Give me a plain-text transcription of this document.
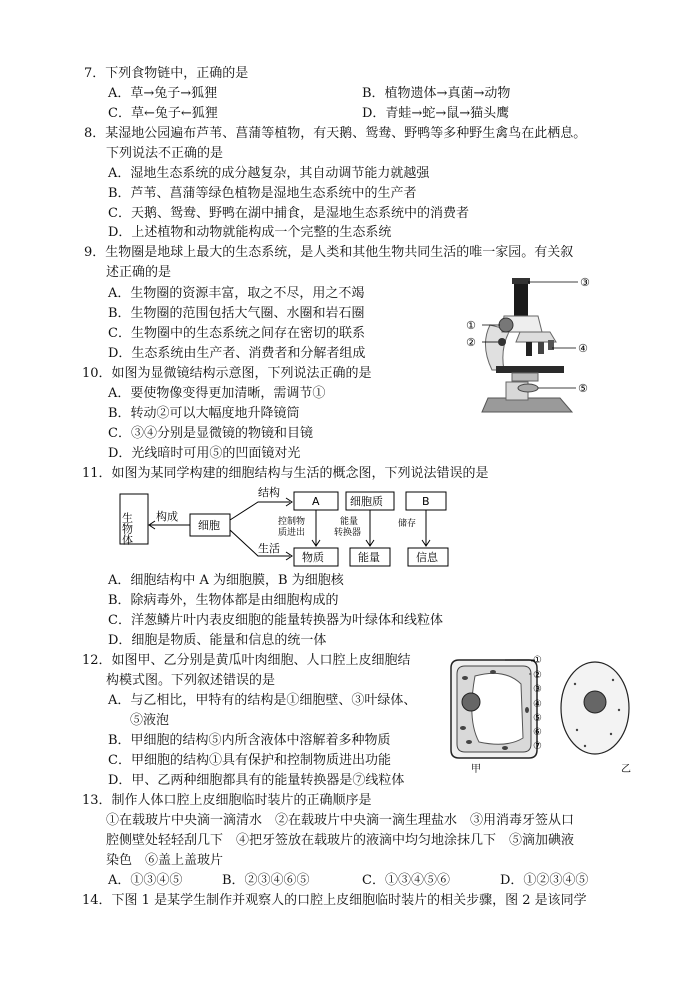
7．下列食物链中，正确的是
A．草→兔子→狐狸	B．植物遗体→真菌→动物
C．草←兔子←狐狸	D．青蛙→蛇→鼠→猫头鹰
8．某湿地公园遍布芦苇、菖蒲等植物，有天鹅、鸳鸯、野鸭等多种野生禽鸟在此栖息。
下列说法不正确的是
A．湿地生态系统的成分越复杂，其自动调节能力就越强
B．芦苇、菖蒲等绿色植物是湿地生态系统中的生产者
C．天鹅、鸳鸯、野鸭在湖中捕食，是湿地生态系统中的消费者
D．上述植物和动物就能构成一个完整的生态系统
9．生物圈是地球上最大的生态系统，是人类和其他生物共同生活的唯一家园。有关叙
述正确的是
A．生物圈的资源丰富，取之不尽，用之不竭
B．生物圈的范围包括大气圈、水圈和岩石圈
C．生物圈中的生态系统之间存在密切的联系
D．生态系统由生产者、消费者和分解者组成
③
①
②	④
⑤
10．如图为显微镜结构示意图，下列说法正确的是
A．要使物像变得更加清晰，需调节①
B．转动②可以大幅度地升降镜筒
C．③④分别是显微镜的物镜和目镜
D．光线暗时可用⑤的凹面镜对光
11．如图为某同学构建的细胞结构与生活的概念图，下列说法错误的是
生物体 构成
细胞
结构
生活
A	细胞质	B
控制物
质进出
能量
转换器
储存
物质	能量	信息
A．细胞结构中 A 为细胞膜，B 为细胞核
B．除病毒外，生物体都是由细胞构成的
C．洋葱鳞片叶内表皮细胞的能量转换器为叶绿体和线粒体
D．细胞是物质、能量和信息的统一体
12．如图甲、乙分别是黄瓜叶肉细胞、人口腔上皮细胞结
构模式图。下列叙述错误的是
A．与乙相比，甲特有的结构是①细胞壁、③叶绿体、
⑤液泡
B．甲细胞的结构⑤内所含液体中溶解着多种物质
C．甲细胞的结构①具有保护和控制物质进出功能
D．甲、乙两种细胞都具有的能量转换器是⑦线粒体
①
②
③
④
⑤
⑥
⑦
甲	乙
13．制作人体口腔上皮细胞临时装片的正确顺序是
①在载玻片中央滴一滴清水　②在载玻片中央滴一滴生理盐水　③用消毒牙签从口
腔侧壁处轻轻刮几下　④把牙签放在载玻片的液滴中均匀地涂抹几下　⑤滴加碘液
染色　⑥盖上盖玻片
A．①③④⑤	B．②③④⑥⑤	C．①③④⑤⑥	D．①②③④⑤
14．下图 1 是某学生制作并观察人的口腔上皮细胞临时装片的相关步骤，图 2 是该同学
